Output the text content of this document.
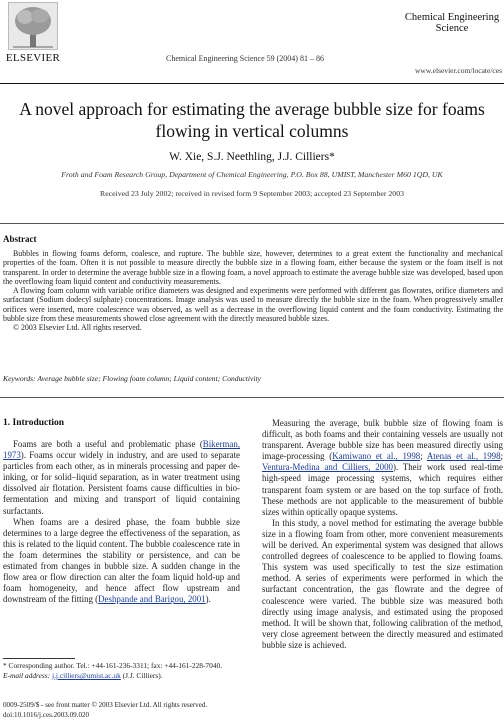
ELSEVIER	Chemical Engineering Science 59 (2004) 81 – 86
Chemical Engineering Science
www.elsevier.com/locate/ces
A novel approach for estimating the average bubble size for foams flowing in vertical columns
W. Xie, S.J. Neethling, J.J. Cilliers*
Froth and Foam Research Group, Department of Chemical Engineering, P.O. Box 88, UMIST, Manchester M60 1QD, UK
Received 23 July 2002; received in revised form 9 September 2003; accepted 23 September 2003
Abstract

Bubbles in flowing foams deform, coalesce, and rupture. The bubble size, however, determines to a great extent the functionality and mechanical properties of the foam. Often it is not possible to measure directly the bubble size in a flowing foam, either because the system or the foam itself is not transparent. In order to determine the average bubble size in a flowing foam, a novel approach to estimate the average bubble size was developed, based upon the overflowing foam liquid content and conductivity measurements.

A flowing foam column with variable orifice diameters was designed and experiments were performed with different gas flowrates, orifice diameters and surfactant (Sodium dodecyl sulphate) concentrations. Image analysis was used to measure directly the bubble size in the foam. When progressively smaller orifices were inserted, more coalescence was observed, as well as a decrease in the overflowing liquid content and the foam conductivity. Estimating the bubble size from these measurements showed close agreement with the directly measured bubble sizes.

© 2003 Elsevier Ltd. All rights reserved.

Keywords: Average bubble size; Flowing foam column; Liquid content; Conductivity
1. Introduction

Foams are both a useful and problematic phase (Bikerman, 1973). Foams occur widely in industry, and are used to separate particles from each other, as in minerals processing and paper de-inking, or for solid–liquid separation, as in water treatment using dissolved air flotation. Persistent foams cause difficulties in bio-fermentation and mixing and transport of liquid containing surfactants.

When foams are a desired phase, the foam bubble size determines to a large degree the effectiveness of the separation, as this is related to the liquid content. The bubble coalescence rate in the foam determines the stability or persistence, and can be estimated from changes in bubble size. A sudden change in the flow area or flow direction can alter the foam liquid hold-up and foam homogeneity, and hence affect flow upstream and downstream of the fitting (Deshpande and Barigou, 2001).

Measuring the average, bulk bubble size of flowing foam is difficult, as both foams and their containing vessels are usually not transparent. Average bubble size has been measured directly using image-processing (Kamiwano et al., 1998; Atenas et al., 1998; Ventura-Medina and Cilliers, 2000). Their work used real-time high-speed image processing systems, which requires either transparent foam system or are based on the top surface of froth. These methods are not applicable to the measurement of bubble sizes within optically opaque systems.

In this study, a novel method for estimating the average bubble size in a flowing foam from other, more convenient measurements will be derived. An experimental system was designed that allows controlled degrees of coalescence to be applied to flowing foams. This system was used specifically to test the size estimation method. A series of experiments were performed in which the surfactant concentration, the gas flowrate and the degree of coalescence were varied. The bubble size was measured both directly using image analysis, and estimated using the proposed method. It will be shown that, following calibration of the method, very close agreement between the directly measured and estimated bubble size is achieved.

* Corresponding author. Tel.: +44-161-236-3311; fax: +44-161-228-7040.
E-mail address: j.j.cilliers@umist.ac.uk (J.J. Cilliers).
0009-2509/$ - see front matter © 2003 Elsevier Ltd. All rights reserved.
doi:10.1016/j.ces.2003.09.020
